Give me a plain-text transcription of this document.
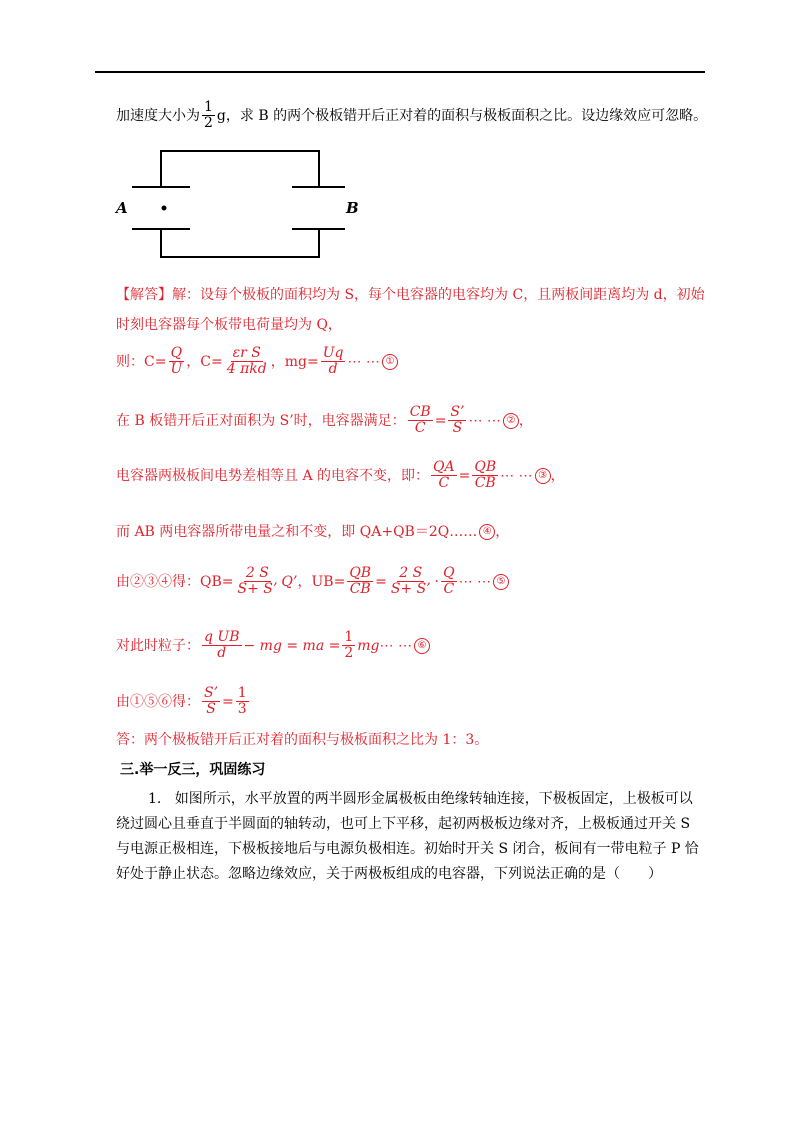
加速度大小为 $\frac{1}{2}$ g，求 B 的两个极板错开后正对着的面积与极板面积之比。设边缘效应可忽略。
A	B
【解答】解：设每个极板的面积均为 S，每个电容器的电容均为 C，且两板间距离均为 d，初始
时刻电容器每个板带电荷量均为 Q，
则：$C= \frac{Q}{U}$ ，$C= \frac{\text{εr S}}{\text{4 πkd}}$ ，$mg= \frac{Uq}{d}$ ⋯ ⋯ ①
在 B 板错开后正对面积为 S’时，电容器满足： $\frac{CB}{C} = \frac{S’}{S}$ ⋯ ⋯ ② ，
电容器两极板间电势差相等且 A 的电容不变，即： $\frac{QA}{C} = \frac{QB}{CB}$ ⋯ ⋯ ③ ，
而 AB 两电容器所带电量之和不变，即 QA+QB＝2Q…… ④ ，
由②③④得：$QB= \frac{2 S}{S+ S’} Q$’，$UB= \frac{QB}{CB} = \frac{2 S}{S+ S’} \cdot \frac{Q}{C}$ ⋯ ⋯ ⑤
对此时粒子： $\frac{\text{q UB}}{d}$ − mg = ma = $\frac{1}{2}$ mg⋯ ⋯ ⑥
由①⑤⑥得： $\frac{S’}{S} = \frac{1}{3}$
答：两个极板错开后正对着的面积与极板面积之比为 1：3。
三.举一反三，巩固练习
1. 如图所示，水平放置的两半圆形金属极板由绝缘转轴连接，下极板固定，上极板可以
绕过圆心且垂直于半圆面的轴转动，也可上下平移，起初两极板边缘对齐，上极板通过开关 S
与电源正极相连，下极板接地后与电源负极相连。初始时开关 S 闭合，板间有一带电粒子 P 恰
好处于静止状态。忽略边缘效应，关于两极板组成的电容器，下列说法正确的是（　　）
